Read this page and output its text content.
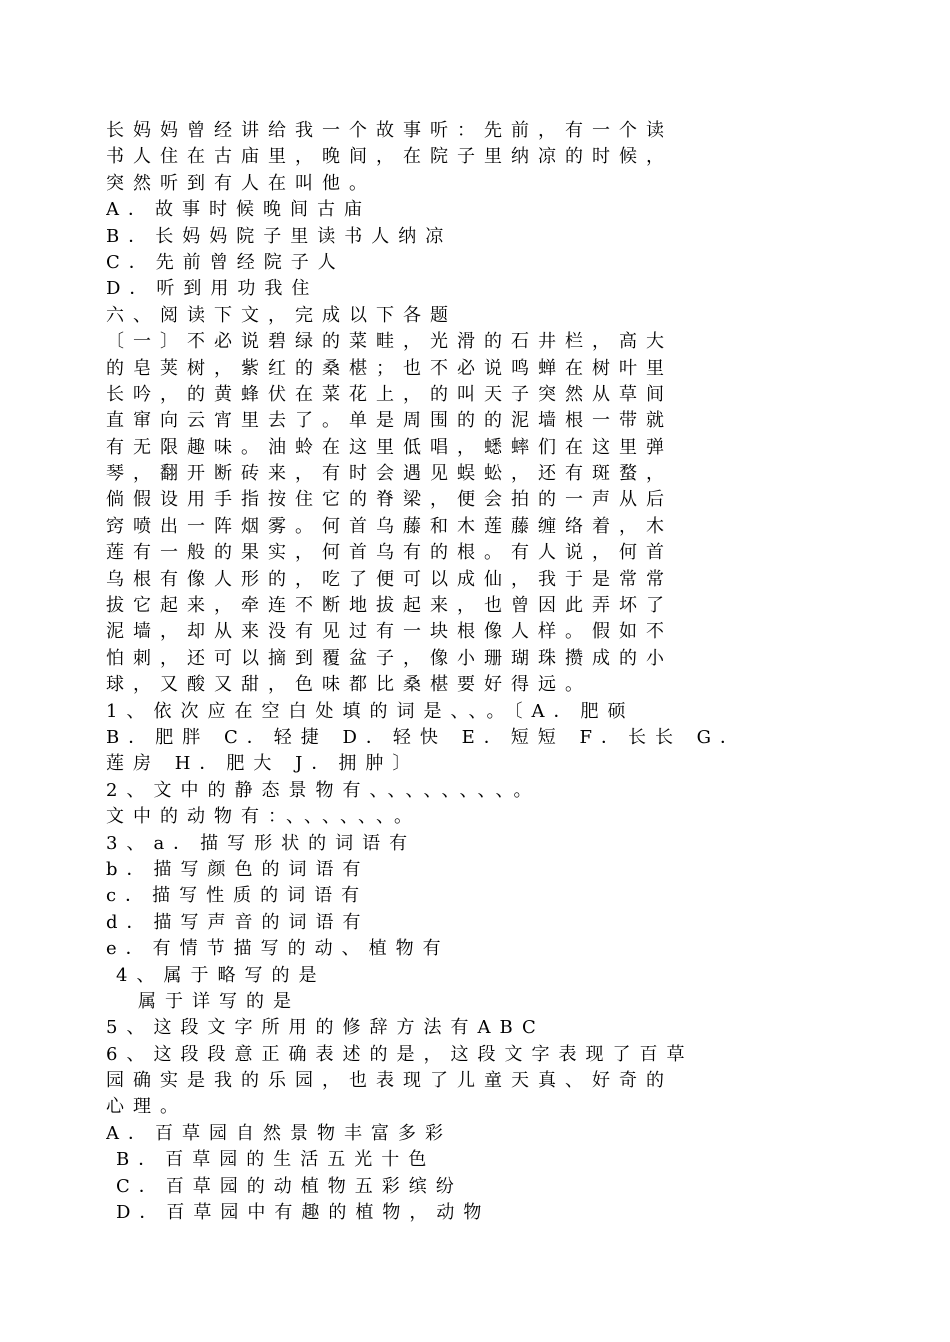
长妈妈曾经讲给我一个故事听：先前，有一个读
书人住在古庙里，晚间，在院子里纳凉的时候，
突然听到有人在叫他。
A．故事时候晚间古庙
B．长妈妈院子里读书人纳凉
C．先前曾经院子人
D．听到用功我住
六、阅读下文，完成以下各题
〔一〕不必说碧绿的菜畦，光滑的石井栏，高大
的皂荚树，紫红的桑椹；也不必说鸣蝉在树叶里
长吟，的黄蜂伏在菜花上，的叫天子突然从草间
直窜向云宵里去了。单是周围的的泥墙根一带就
有无限趣味。油蛉在这里低唱，蟋蟀们在这里弹
琴，翻开断砖来，有时会遇见蜈蚣，还有斑蝥，
倘假设用手指按住它的脊梁，便会拍的一声从后
窍喷出一阵烟雾。何首乌藤和木莲藤缠络着，木
莲有一般的果实，何首乌有的根。有人说，何首
乌根有像人形的，吃了便可以成仙，我于是常常
拔它起来，牵连不断地拔起来，也曾因此弄坏了
泥墙，却从来没有见过有一块根像人样。假如不
怕刺，还可以摘到覆盆子，像小珊瑚珠攒成的小
球，又酸又甜，色味都比桑椹要好得远。
1、依次应在空白处填的词是、、。〔A．肥硕
B．肥胖 C．轻捷 D．轻快 E．短短 F．长长 G．
莲房 H．肥大 J．拥肿〕
2、文中的静态景物有、、、、、、、、。
文中的动物有：、、、、、、。
3、a．描写形状的词语有
b．描写颜色的词语有
c．描写性质的词语有
d．描写声音的词语有
e．有情节描写的动、植物有
4、属于略写的是
属于详写的是
5、这段文字所用的修辞方法有ABC
6、这段段意正确表述的是，这段文字表现了百草
园确实是我的乐园，也表现了儿童天真、好奇的
心理。
A．百草园自然景物丰富多彩
B．百草园的生活五光十色
C．百草园的动植物五彩缤纷
D．百草园中有趣的植物，动物
